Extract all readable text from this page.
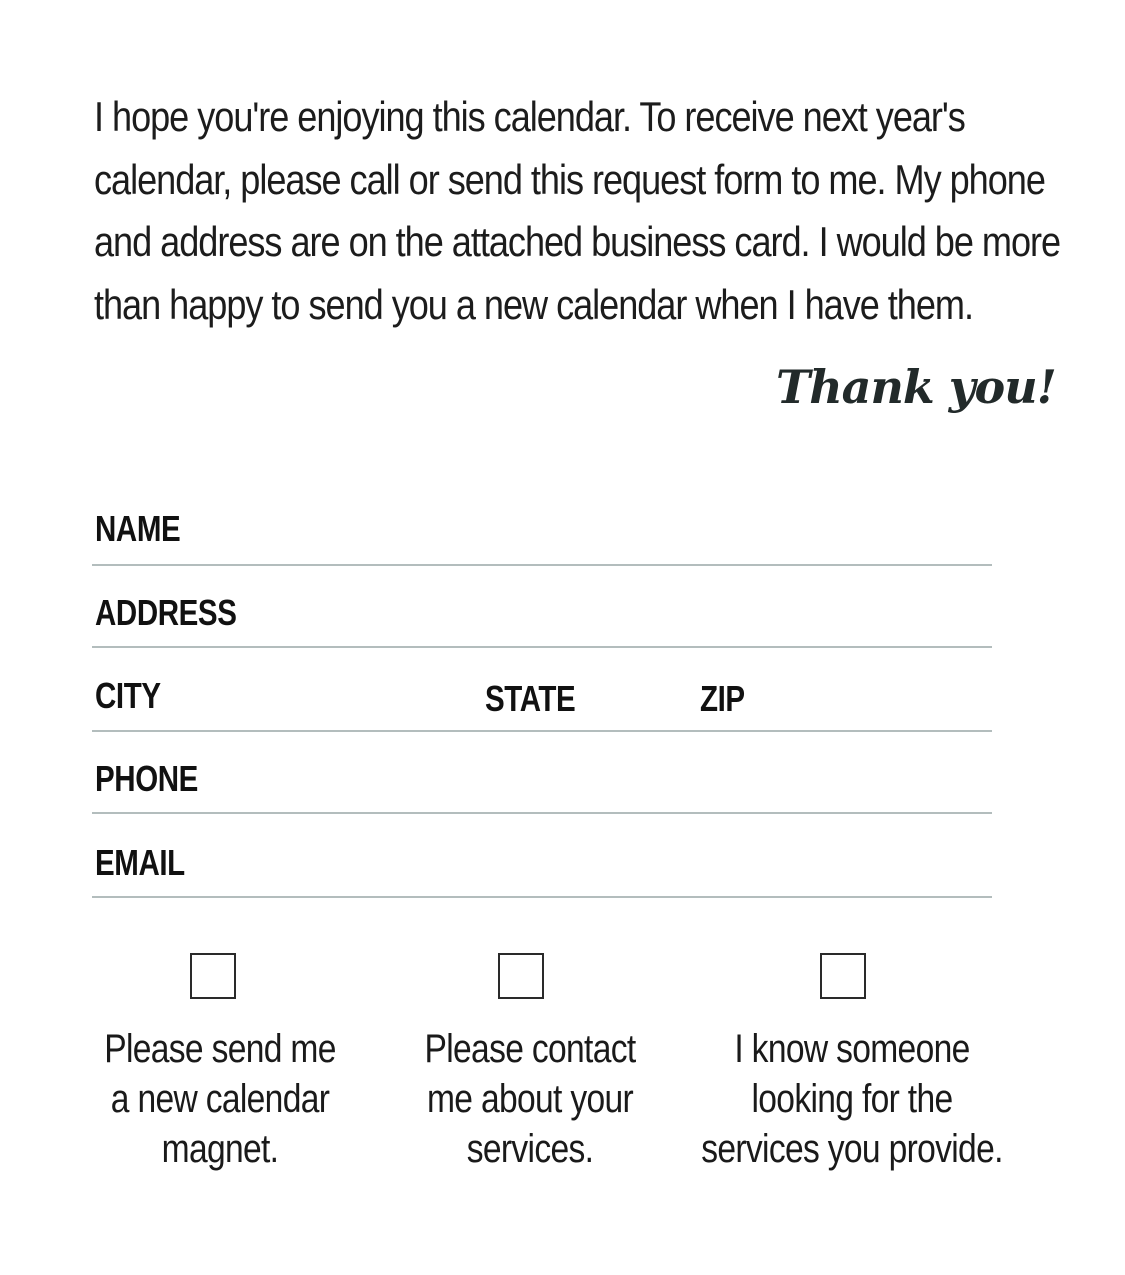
I hope you're enjoying this calendar. To receive next year's
calendar, please call or send this request form to me. My phone
and address are on the attached business card. I would be more
than happy to send you a new calendar when I have them.
Thank you!
NAME
ADDRESS
CITY	STATE	ZIP
PHONE
EMAIL
Please send me
a new calendar
magnet.
Please contact
me about your
services.
I know someone
looking for the
services you provide.
